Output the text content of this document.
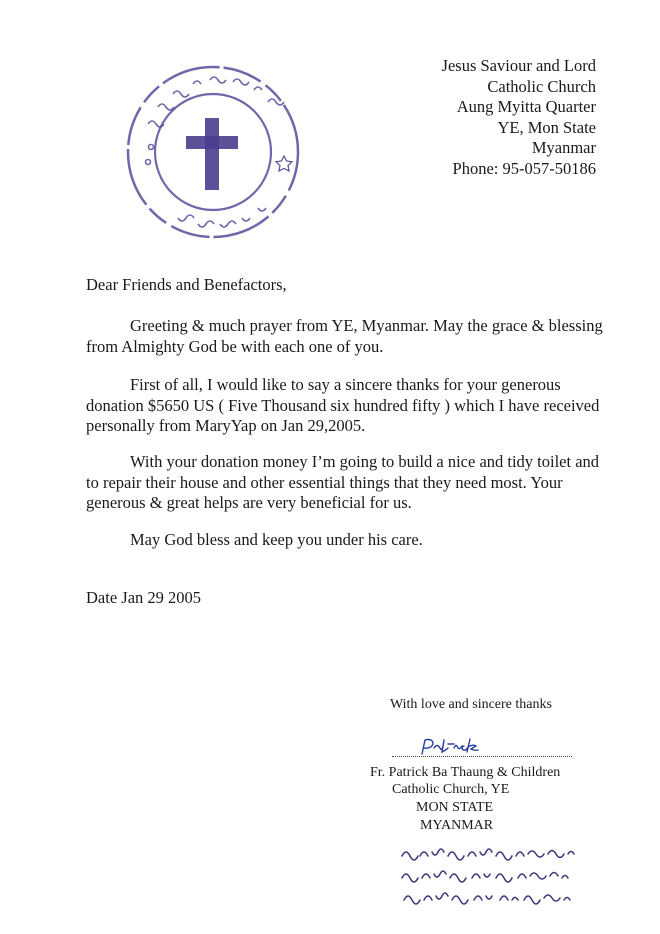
Jesus Saviour and Lord
Catholic Church
Aung Myitta Quarter
YE, Mon State
Myanmar
Phone: 95-057-50186
Dear Friends and Benefactors,
Greeting & much prayer from YE, Myanmar. May the grace & blessing from Almighty God be with each one of you.
First of all, I would like to say a sincere thanks for your generous donation $5650 US ( Five Thousand six hundred fifty ) which I have received personally from MaryYap on Jan 29,2005.
With your donation money I’m going to build a nice and tidy toilet and to repair their house and other essential things that they need most. Your generous & great helps are very beneficial for us.
May God bless and keep you under his care.
Date Jan 29 2005
With love and sincere thanks
Fr. Patrick Ba Thaung & Children
Catholic Church, YE
MON STATE
MYANMAR
